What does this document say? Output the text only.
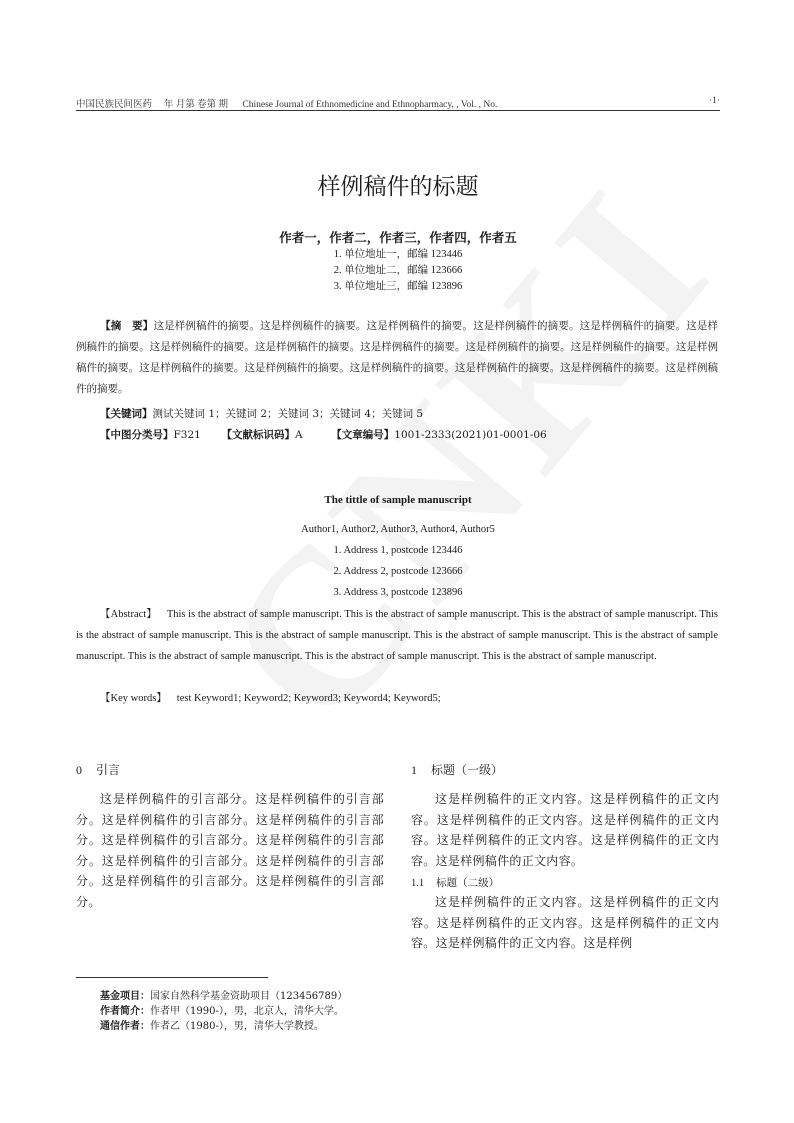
中国民族民间医药　 年 月第 卷第 期 Chinese Journal of Ethnomedicine and Ethnopharmacy, , Vol. , No.	·1·
样例稿件的标题
作者一，作者二，作者三，作者四，作者五
1. 单位地址一，邮编 123446
2. 单位地址二，邮编 123666
3. 单位地址三，邮编 123896
【摘　要】这是样例稿件的摘要。这是样例稿件的摘要。这是样例稿件的摘要。这是样例稿件的摘要。这是样例稿件的摘要。这是样例稿件的摘要。这是样例稿件的摘要。这是样例稿件的摘要。这是样例稿件的摘要。这是样例稿件的摘要。这是样例稿件的摘要。这是样例稿件的摘要。这是样例稿件的摘要。这是样例稿件的摘要。这是样例稿件的摘要。这是样例稿件的摘要。这是样例稿件的摘要。这是样例稿件的摘要。
【关键词】测试关键词 1；关键词 2；关键词 3；关键词 4；关键词 5
【中图分类号】F321 【文献标识码】A	【文章编号】1001-2333(2021)01-0001-06
The tittle of sample manuscript
Author1, Author2, Author3, Author4, Author5
1. Address 1, postcode 123446
2. Address 2, postcode 123666
3. Address 3, postcode 123896
【Abstract】 This is the abstract of sample manuscript. This is the abstract of sample manuscript. This is the abstract of sample manuscript. This is the abstract of sample manuscript. This is the abstract of sample manuscript. This is the abstract of sample manuscript. This is the abstract of sample manuscript. This is the abstract of sample manuscript. This is the abstract of sample manuscript. This is the abstract of sample manuscript.
【Key words】 test Keyword1; Keyword2; Keyword3; Keyword4; Keyword5;
0 引言
这是样例稿件的引言部分。这是样例稿件的引言部分。这是样例稿件的引言部分。这是样例稿件的引言部分。这是样例稿件的引言部分。这是样例稿件的引言部分。这是样例稿件的引言部分。这是样例稿件的引言部分。这是样例稿件的引言部分。这是样例稿件的引言部分。
1 标题（一级）
这是样例稿件的正文内容。这是样例稿件的正文内容。这是样例稿件的正文内容。这是样例稿件的正文内容。这是样例稿件的正文内容。这是样例稿件的正文内容。这是样例稿件的正文内容。
1.1 标题（二级）
这是样例稿件的正文内容。这是样例稿件的正文内容。这是样例稿件的正文内容。这是样例稿件的正文内容。这是样例稿件的正文内容。这是样例
基金项目：国家自然科学基金资助项目（123456789）
作者简介：作者甲（1990-），男，北京人，清华大学。
通信作者：作者乙（1980-），男，清华大学教授。
